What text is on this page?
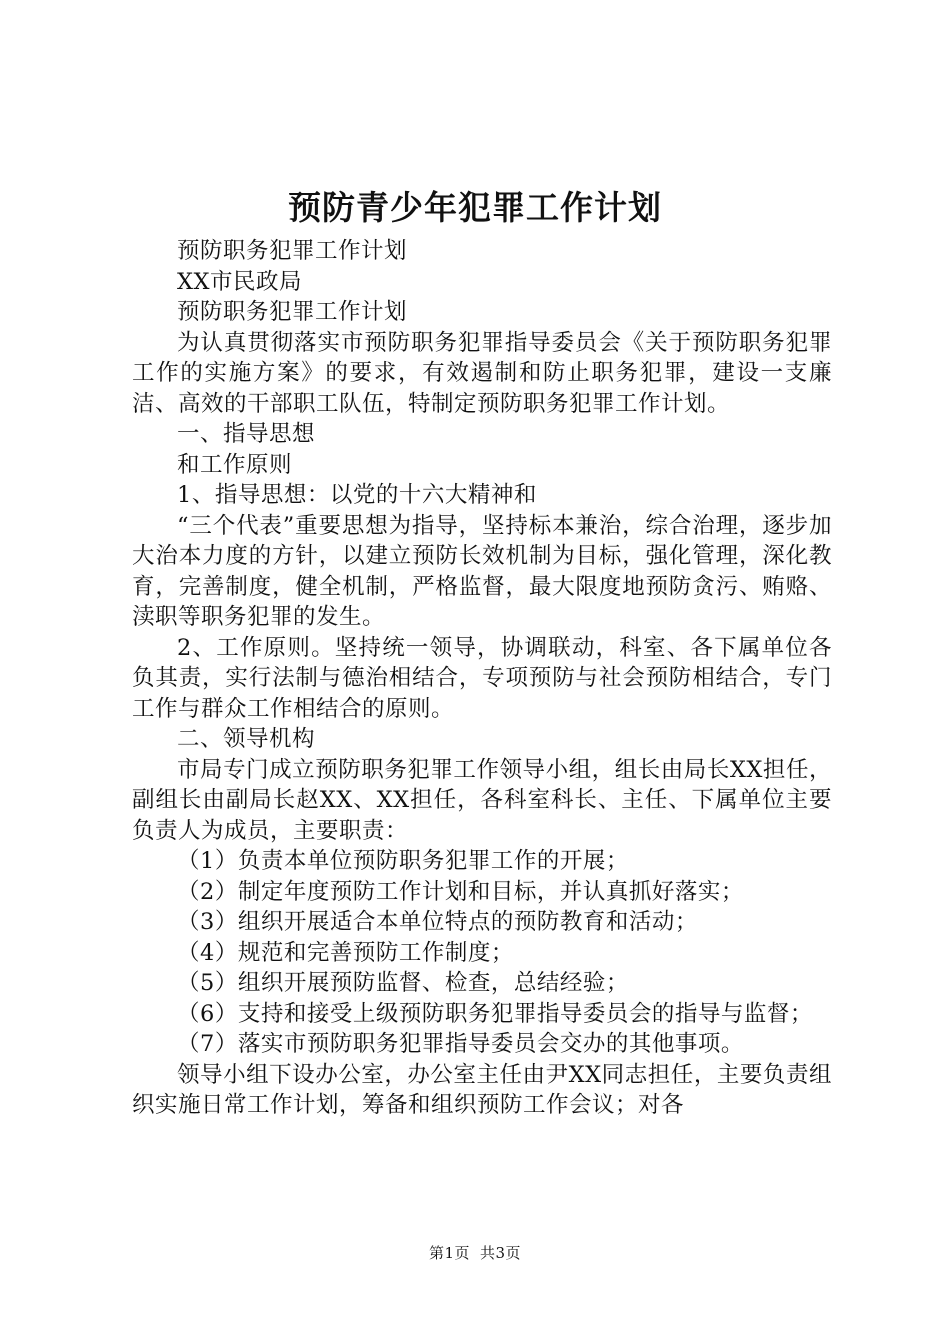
预防青少年犯罪工作计划

预防职务犯罪工作计划

XX市民政局

预防职务犯罪工作计划

为认真贯彻落实市预防职务犯罪指导委员会《关于预防职务犯罪工作的实施方案》的要求，有效遏制和防止职务犯罪，建设一支廉洁、高效的干部职工队伍，特制定预防职务犯罪工作计划。

一、指导思想

和工作原则

1、指导思想：以党的十六大精神和

“三个代表”重要思想为指导，坚持标本兼治，综合治理，逐步加大治本力度的方针，以建立预防长效机制为目标，强化管理，深化教育，完善制度，健全机制，严格监督，最大限度地预防贪污、贿赂、渎职等职务犯罪的发生。

2、工作原则。坚持统一领导，协调联动，科室、各下属单位各负其责，实行法制与德治相结合，专项预防与社会预防相结合，专门工作与群众工作相结合的原则。

二、领导机构

市局专门成立预防职务犯罪工作领导小组，组长由局长XX担任，副组长由副局长赵XX、XX担任，各科室科长、主任、下属单位主要负责人为成员，主要职责：

（1）负责本单位预防职务犯罪工作的开展；

（2）制定年度预防工作计划和目标，并认真抓好落实；

（3）组织开展适合本单位特点的预防教育和活动；

（4）规范和完善预防工作制度；

（5）组织开展预防监督、检查，总结经验；

（6）支持和接受上级预防职务犯罪指导委员会的指导与监督；

（7）落实市预防职务犯罪指导委员会交办的其他事项。

领导小组下设办公室，办公室主任由尹XX同志担任，主要负责组织实施日常工作计划，筹备和组织预防工作会议；对各

第1页 共3页
